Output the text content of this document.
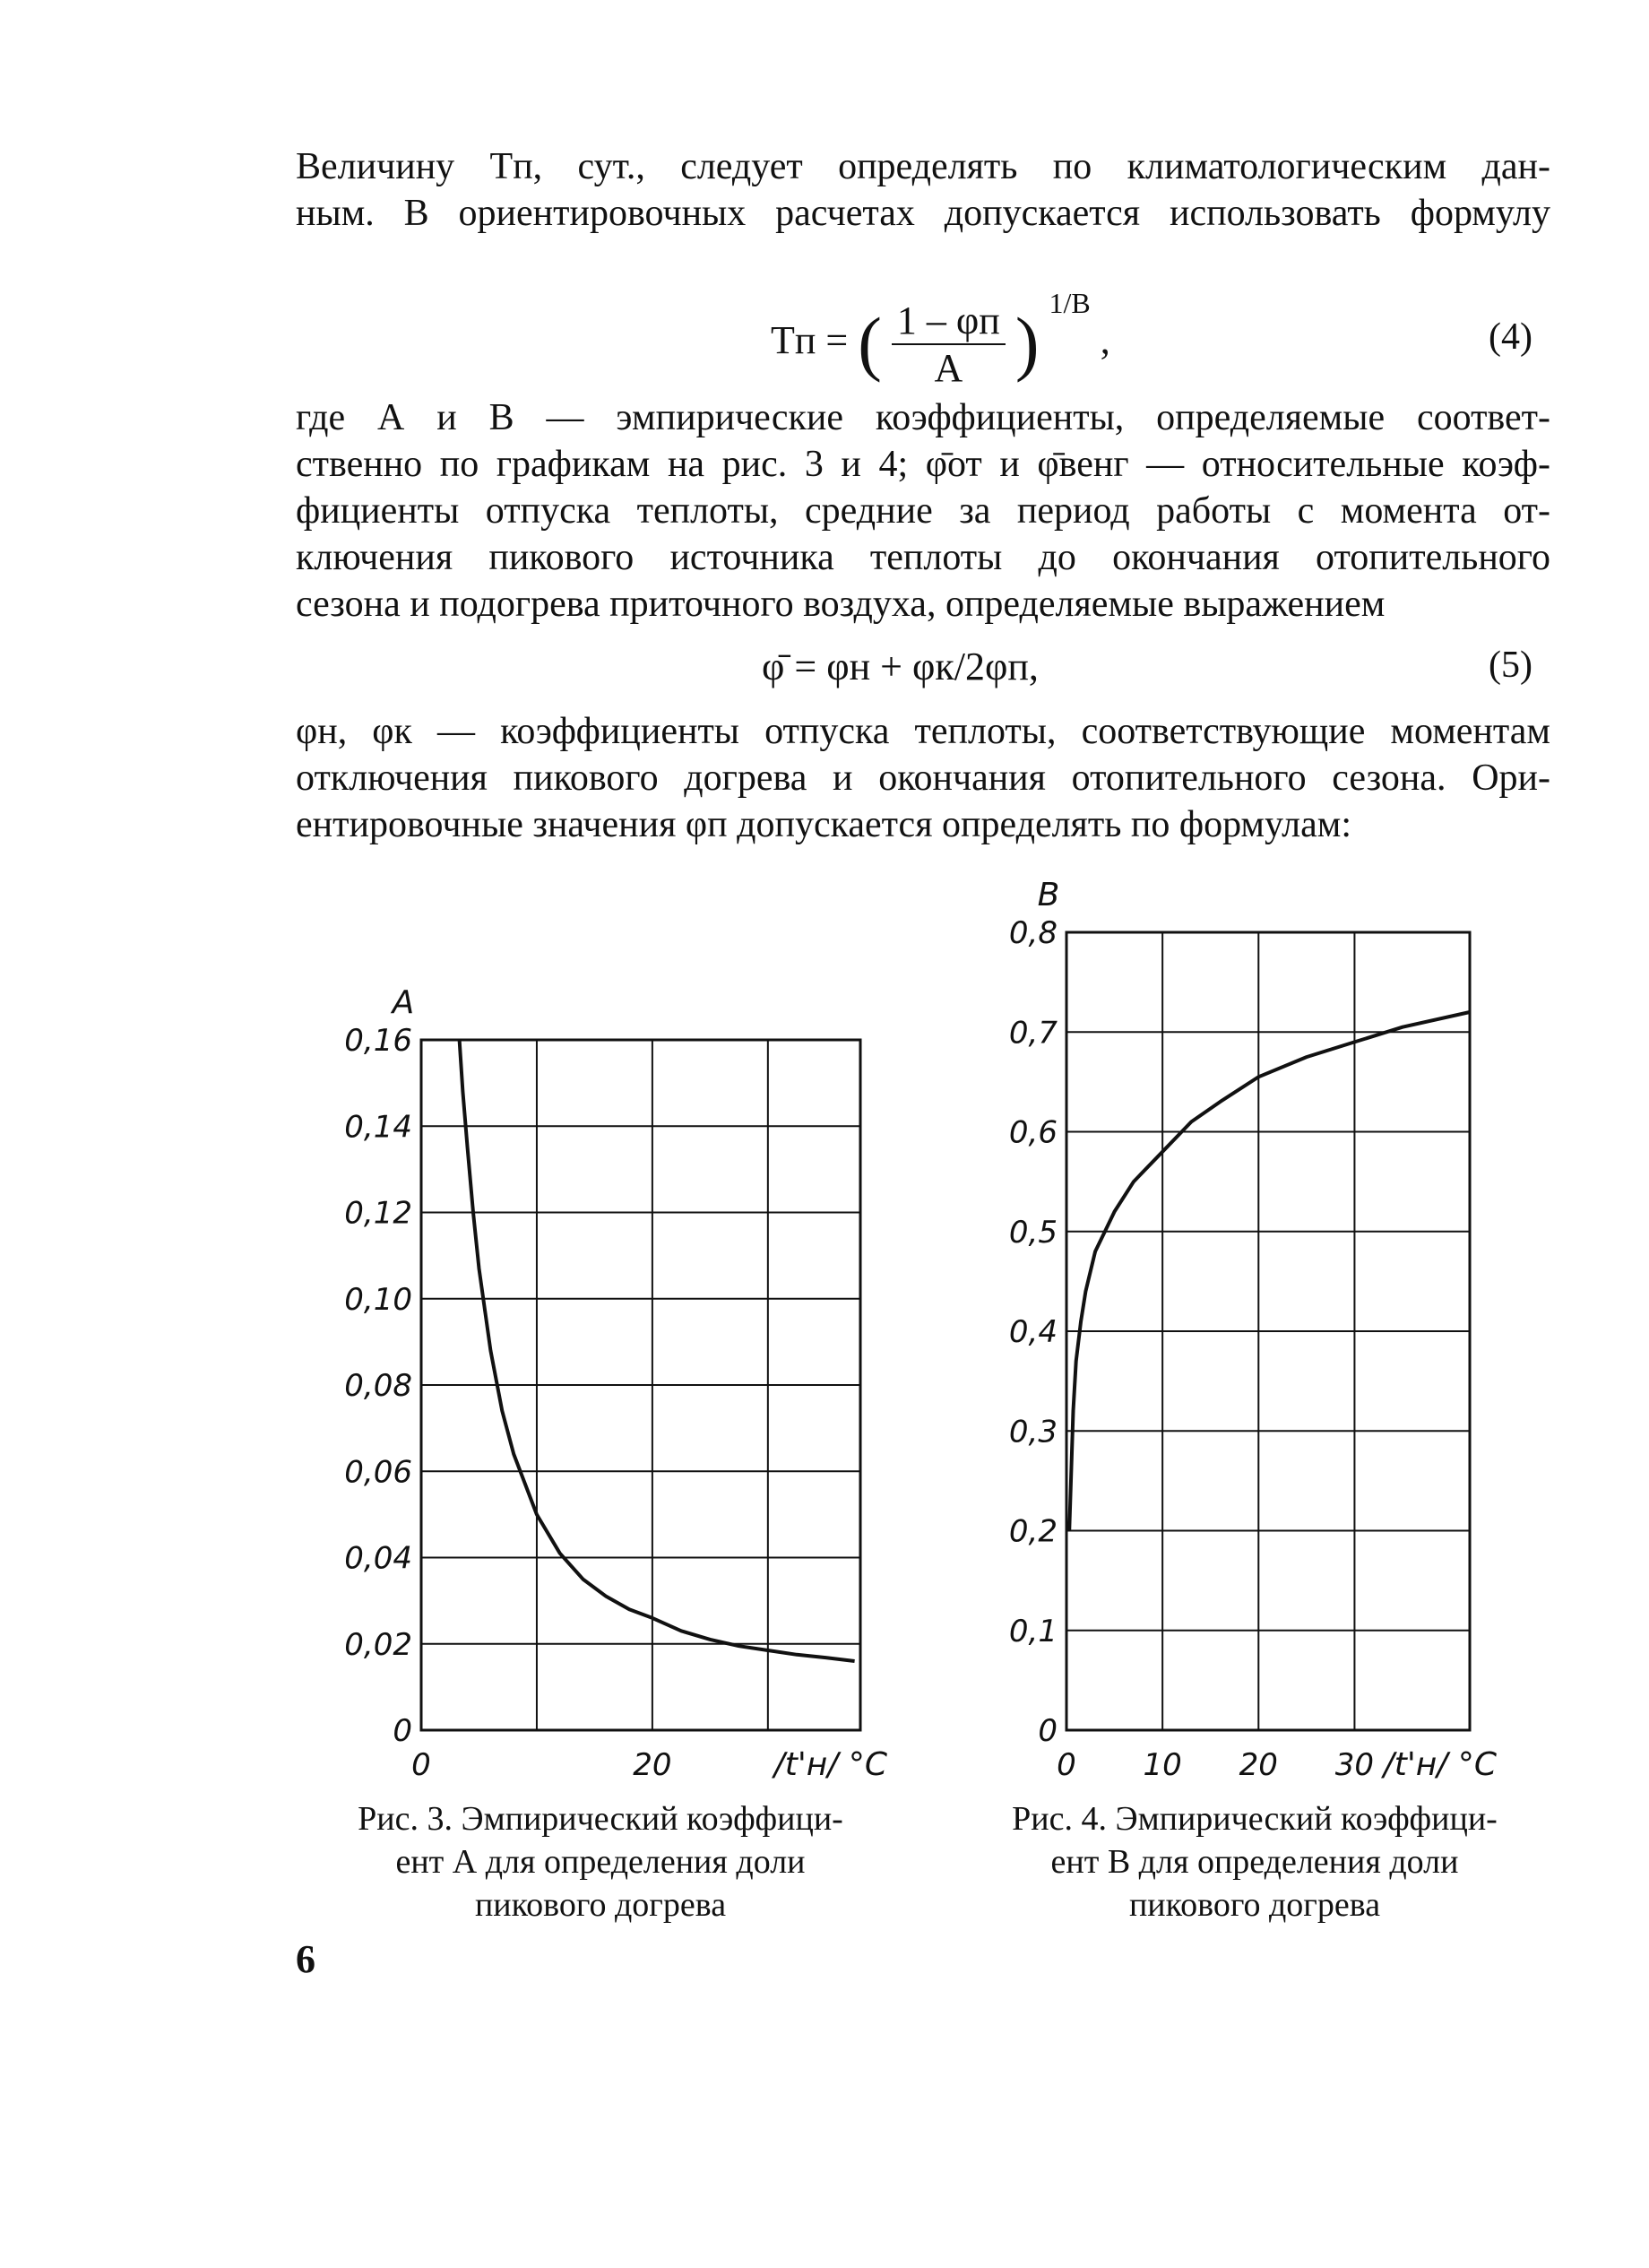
Величину Tп, сут., следует определять по климатологическим дан-
ным. В ориентировочных расчетах допускается использовать формулу
Tп = ( $\frac{1 - \varphi п}{А}$ ) $^{1/В}$ ,	(4)
где А и В — эмпирические коэффициенты, определяемые соответ-
ственно по графикам на рис. 3 и 4; φ̄от и φ̄венг — относительные коэф-
фициенты отпуска теплоты, средние за период работы с момента от-
ключения пикового источника теплоты до окончания отопительного
сезона и подогрева приточного воздуха, определяемые выражением
φ̄ = φн + φк/2φп,	(5)
φн, φк — коэффициенты отпуска теплоты, соответствующие моментам
отключения пикового догрева и окончания отопительного сезона. Ори-
ентировочные значения φп допускается определять по формулам:
0
0,02
0,04
0,06
0,08
0,10
0,12
0,14
0,16
0	20
А
/t'н/ °C
0
0,1
0,2
0,3
0,4
0,5
0,6
0,7
0,8
0 10 20 30
В
/t'н/ °C
Рис. 3. Эмпирический коэффици-
ент А для определения доли
пикового догрева
Рис. 4. Эмпирический коэффици-
ент В для определения доли
пикового догрева
6
